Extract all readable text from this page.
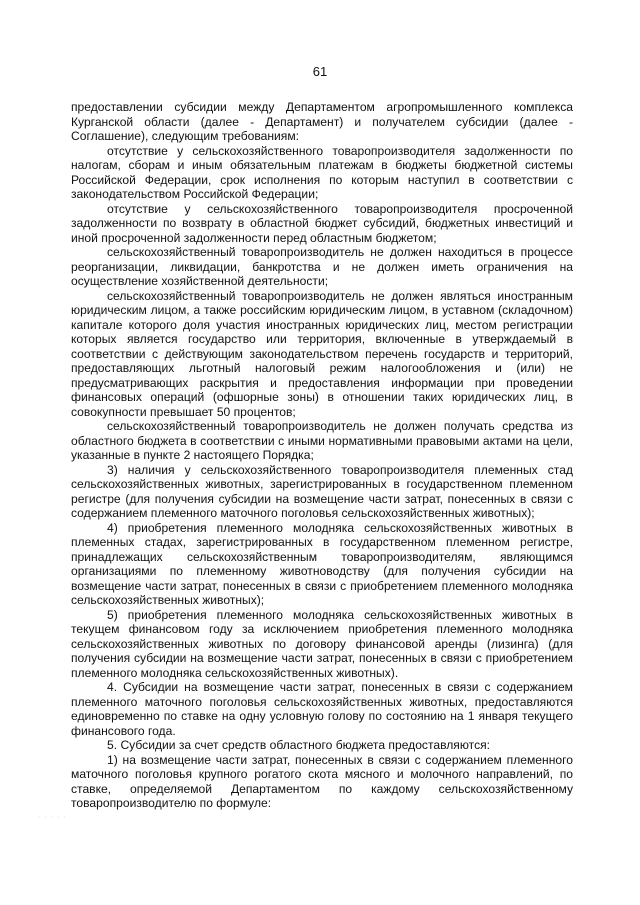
61

предоставлении субсидии между Департаментом агропромышленного комплекса Курганской области (далее - Департамент) и получателем субсидии (далее - Соглашение), следующим требованиям:

отсутствие у сельскохозяйственного товаропроизводителя задолженности по налогам, сборам и иным обязательным платежам в бюджеты бюджетной системы Российской Федерации, срок исполнения по которым наступил в соответствии с законодательством Российской Федерации;

отсутствие у сельскохозяйственного товаропроизводителя просроченной задолженности по возврату в областной бюджет субсидий, бюджетных инвестиций и иной просроченной задолженности перед областным бюджетом;

сельскохозяйственный товаропроизводитель не должен находиться в процессе реорганизации, ликвидации, банкротства и не должен иметь ограничения на осуществление хозяйственной деятельности;

сельскохозяйственный товаропроизводитель не должен являться иностранным юридическим лицом, а также российским юридическим лицом, в уставном (складочном) капитале которого доля участия иностранных юридических лиц, местом регистрации которых является государство или территория, включенные в утверждаемый в соответствии с действующим законодательством перечень государств и территорий, предоставляющих льготный налоговый режим налогообложения и (или) не предусматривающих раскрытия и предоставления информации при проведении финансовых операций (офшорные зоны) в отношении таких юридических лиц, в совокупности превышает 50 процентов;

сельскохозяйственный товаропроизводитель не должен получать средства из областного бюджета в соответствии с иными нормативными правовыми актами на цели, указанные в пункте 2 настоящего Порядка;

3) наличия у сельскохозяйственного товаропроизводителя племенных стад сельскохозяйственных животных, зарегистрированных в государственном племенном регистре (для получения субсидии на возмещение части затрат, понесенных в связи с содержанием племенного маточного поголовья сельскохозяйственных животных);

4) приобретения племенного молодняка сельскохозяйственных животных в племенных стадах, зарегистрированных в государственном племенном регистре, принадлежащих сельскохозяйственным товаропроизводителям, являющимся организациями по племенному животноводству (для получения субсидии на возмещение части затрат, понесенных в связи с приобретением племенного молодняка сельскохозяйственных животных);

5) приобретения племенного молодняка сельскохозяйственных животных в текущем финансовом году за исключением приобретения племенного молодняка сельскохозяйственных животных по договору финансовой аренды (лизинга) (для получения субсидии на возмещение части затрат, понесенных в связи с приобретением племенного молодняка сельскохозяйственных животных).

4. Субсидии на возмещение части затрат, понесенных в связи с содержанием племенного маточного поголовья сельскохозяйственных животных, предоставляются единовременно по ставке на одну условную голову по состоянию на 1 января текущего финансового года.

5. Субсидии за счет средств областного бюджета предоставляются:

1) на возмещение части затрат, понесенных в связи с содержанием племенного маточного поголовья крупного рогатого скота мясного и молочного направлений, по ставке, определяемой Департаментом по каждому сельскохозяйственному товаропроизводителю по формуле:

· · · · ·
